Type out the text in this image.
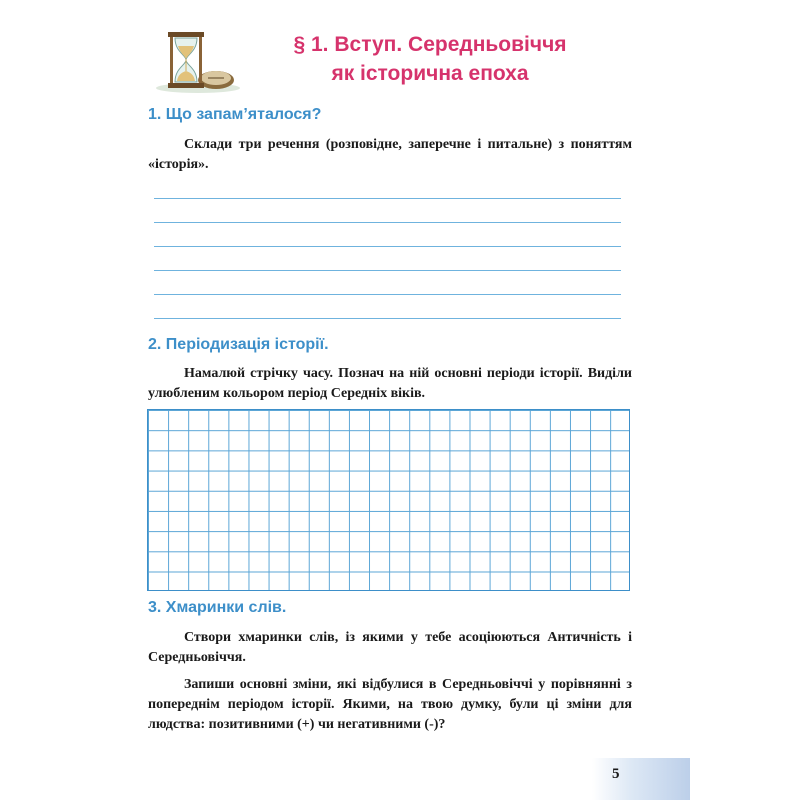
§ 1. Вступ. Середньовіччя
як історична епоха
1. Що запам’яталося?

Склади три речення (розповідне, заперечне і питальне) з поняттям «історія».

2. Періодизація історії.

Намалюй стрічку часу. Познач на ній основні періоди історії. Виділи улюбленим кольором період Середніх віків.

3. Хмаринки слів.

Створи хмаринки слів, із якими у тебе асоціюються Античність і Середньовіччя.

Запиши основні зміни, які відбулися в Середньовіччі у порівнянні з попереднім періодом історії. Якими, на твою думку, були ці зміни для людства: позитивними (+) чи негативними (-)?

5
